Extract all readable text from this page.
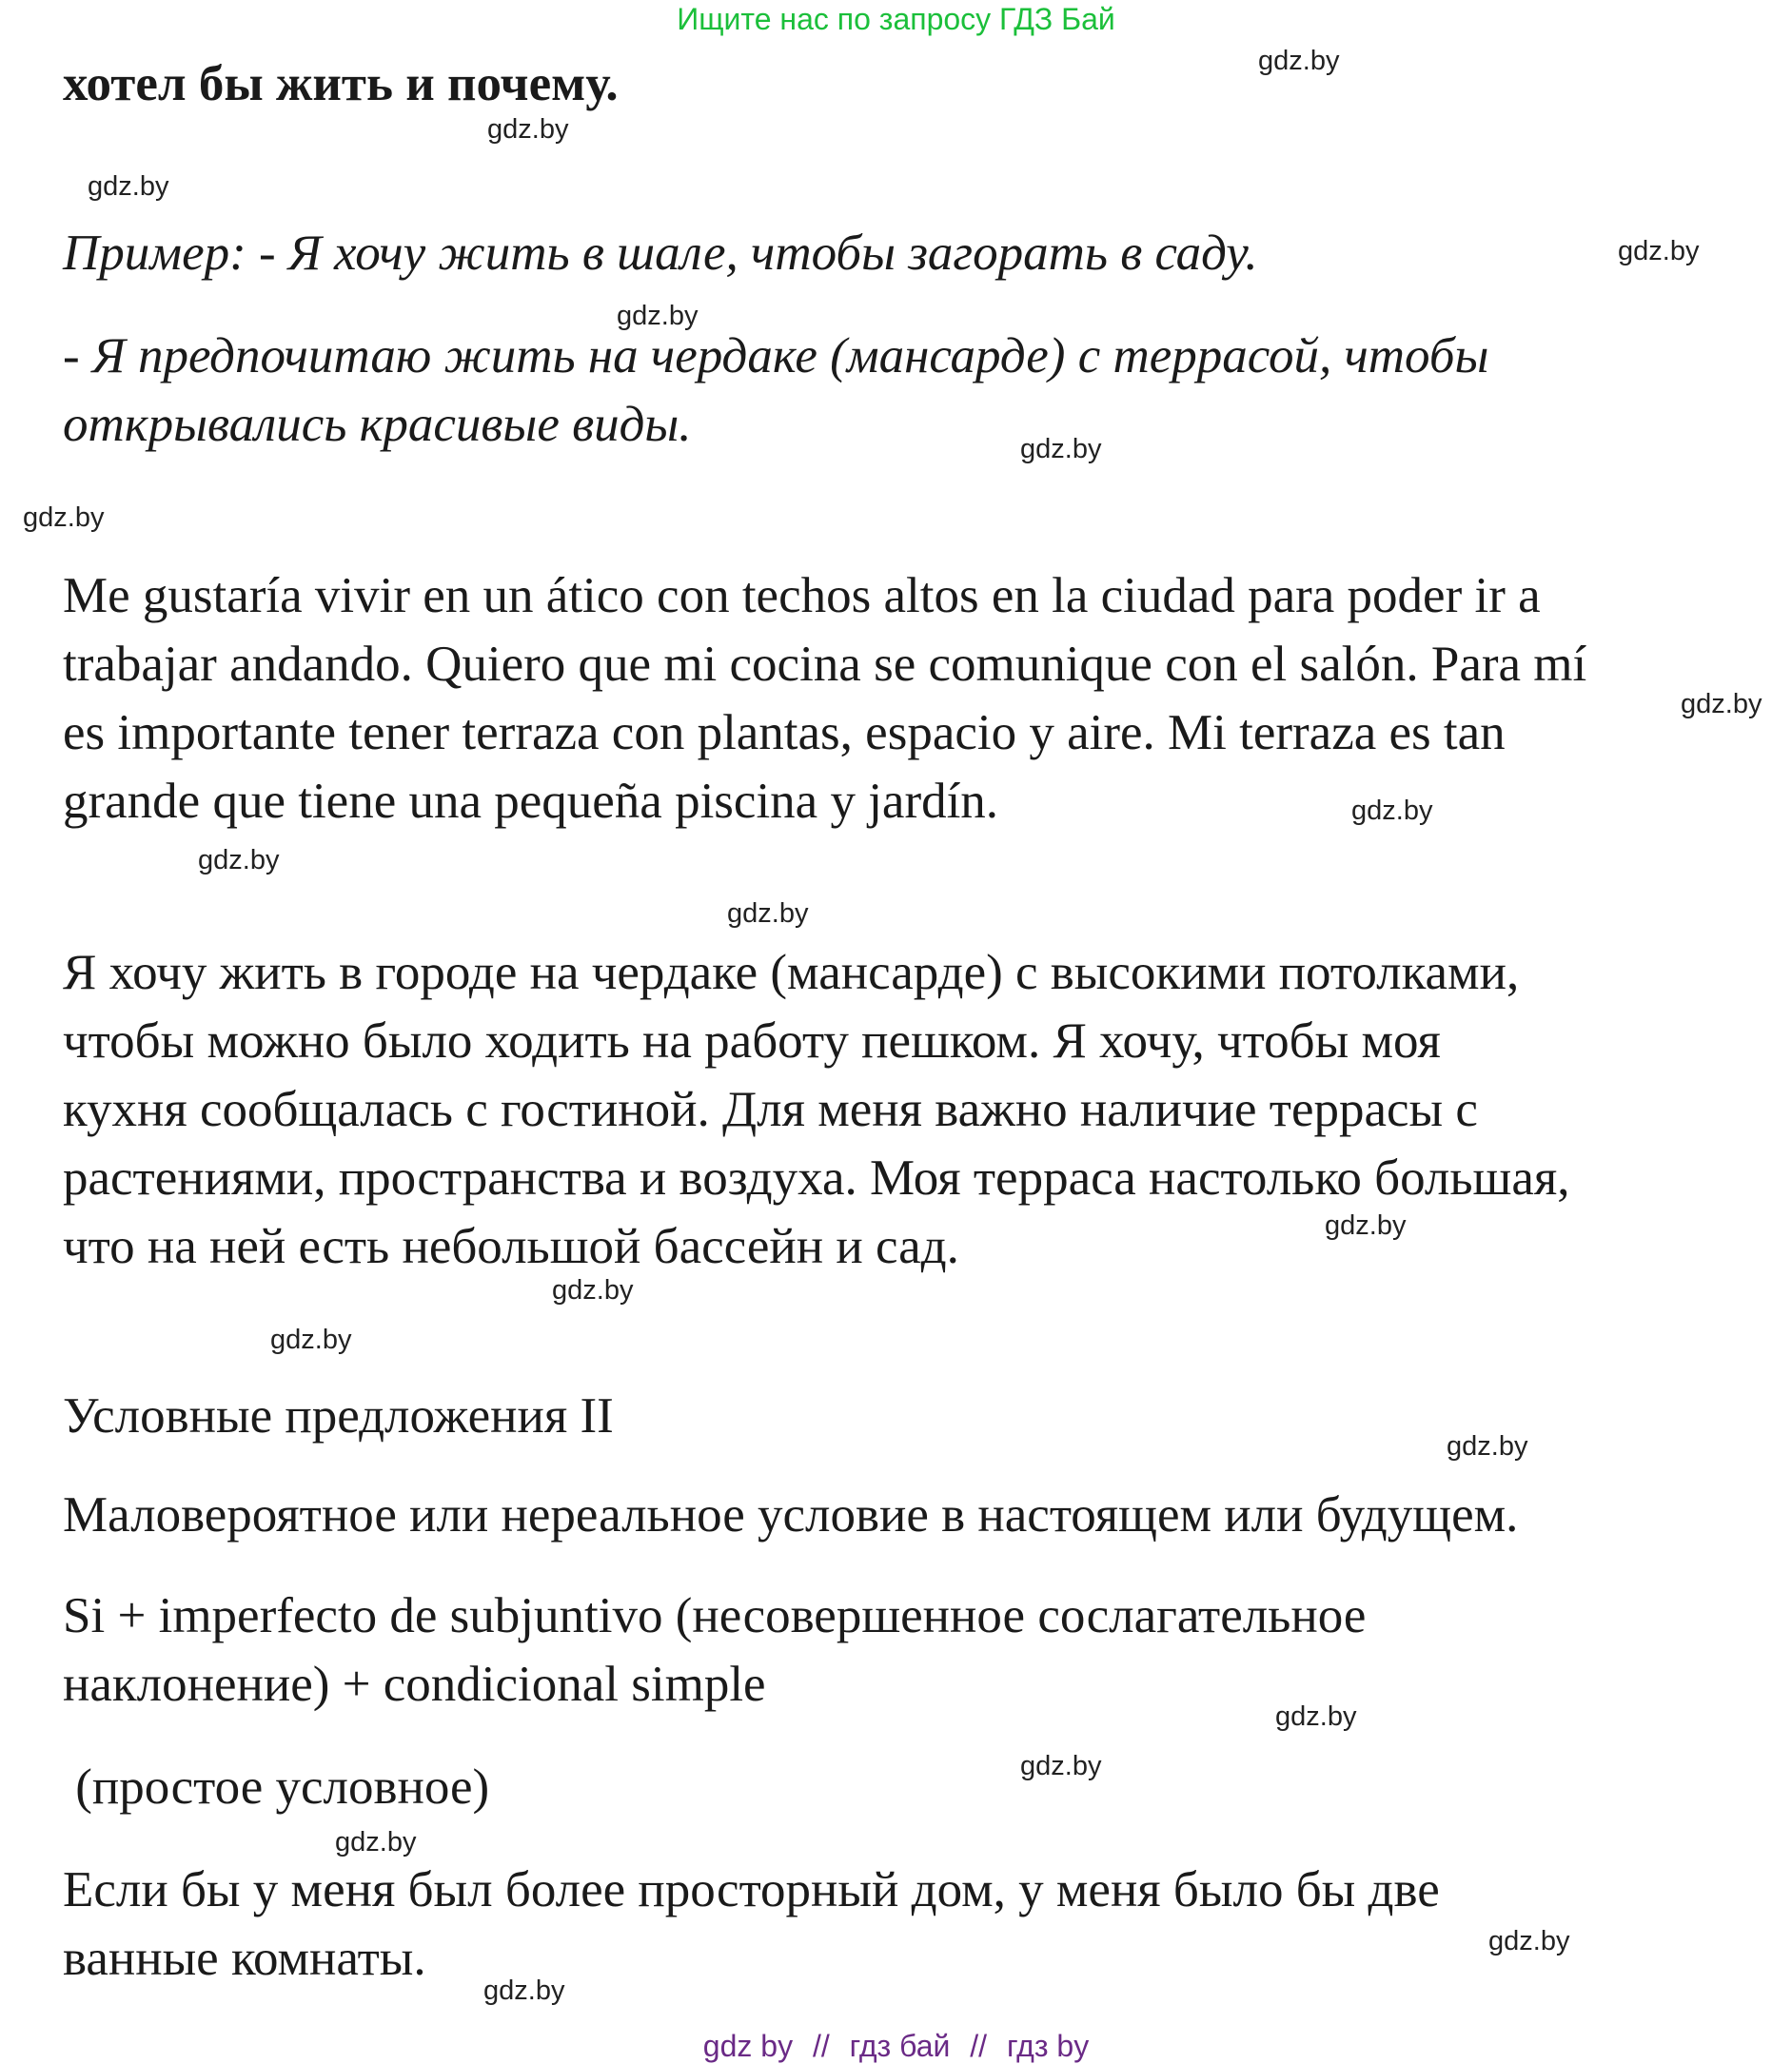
Ищите нас по запросу ГДЗ Бай
хотел бы жить и почему.
Пример: - Я хочу жить в шале, чтобы загорать в саду.
- Я предпочитаю жить на чердаке (мансарде) с террасой, чтобы
открывались красивые виды.
Me gustaría vivir en un ático con techos altos en la ciudad para poder ir a
trabajar andando. Quiero que mi cocina se comunique con el salón. Para mí
es importante tener terraza con plantas, espacio y aire. Mi terraza es tan
grande que tiene una pequeña piscina y jardín.
Я хочу жить в городе на чердаке (мансарде) с высокими потолками,
чтобы можно было ходить на работу пешком. Я хочу, чтобы моя
кухня сообщалась с гостиной. Для меня важно наличие террасы с
растениями, пространства и воздуха. Моя терраса настолько большая,
что на ней есть небольшой бассейн и сад.
Условные предложения II
Маловероятное или нереальное условие в настоящем или будущем.
Si + imperfecto de subjuntivo (несовершенное сослагательное
наклонение) + condicional simple
(простое условное)
Если бы у меня был более просторный дом, у меня было бы две
ванные комнаты.
gdz.by
gdz.by
gdz.by
gdz.by
gdz.by
gdz.by
gdz.by
gdz.by
gdz.by
gdz.by
gdz.by
gdz.by
gdz.by
gdz.by
gdz.by
gdz.by
gdz.by
gdz.by
gdz.by
gdz.by
gdz by // гдз бай // гдз by
